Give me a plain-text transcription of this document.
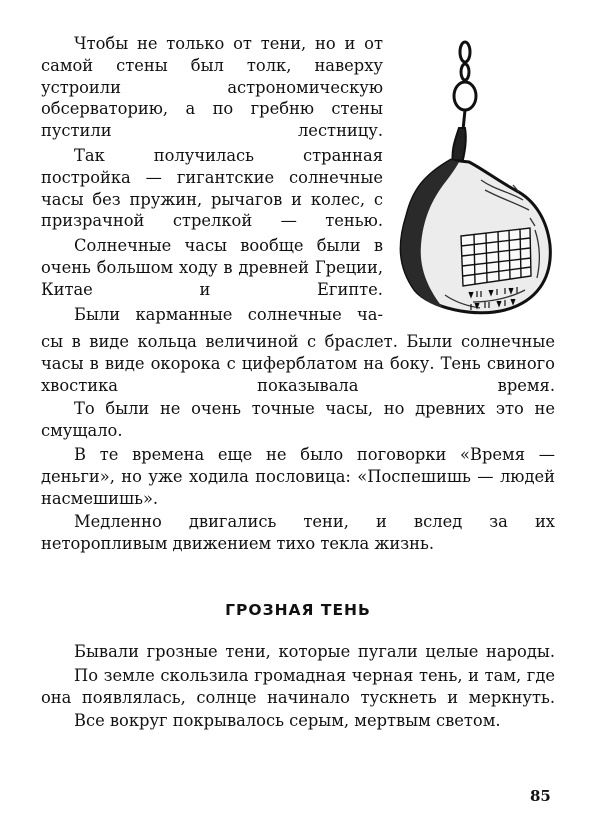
Чтобы не только от тени, но и от самой стены был толк, наверху устроили астрономическую обсерваторию, а по гребню стены пустили лестницу.

Так получилась странная постройка — гигантские солнечные часы без пружин, рычагов и колес, с призрачной стрелкой — тенью.

Солнечные часы вообще были в очень большом ходу в древней Греции, Китае и Египте.

Были карманные солнечные ча-

сы в виде кольца величиной с браслет. Были солнечные часы в виде окорока с циферблатом на боку. Тень свиного хвостика показывала время.

То были не очень точные часы, но древних это не смущало.

В те времена еще не было поговорки «Время — деньги», но уже ходила пословица: «Поспешишь — людей насмешишь».

Медленно двигались тени, и вслед за их неторопливым движением тихо текла жизнь.

ГРОЗНАЯ ТЕНЬ

Бывали грозные тени, которые пугали целые народы.

По земле скользила громадная черная тень, и там, где она появлялась, солнце начинало тускнеть и меркнуть.

Все вокруг покрывалось серым, мертвым светом.

85
